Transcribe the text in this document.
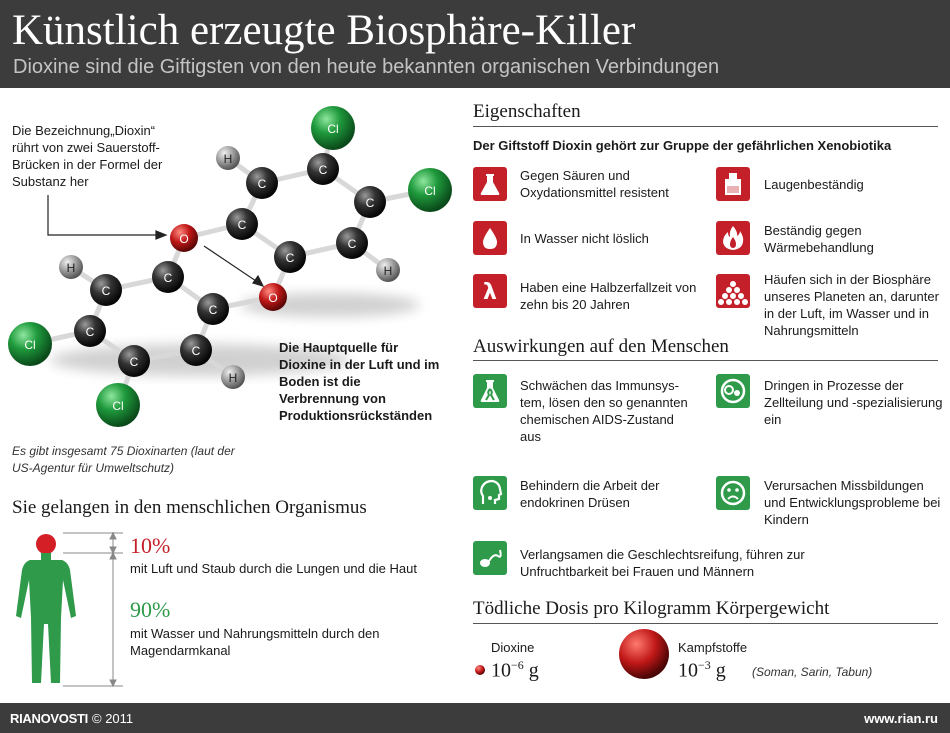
Künstlich erzeugte Biosphäre-Killer
Dioxine sind die Giftigsten von den heute bekannten organischen Verbindungen
H
H
H
H
Cl
Cl
Cl
Cl
C
C
C
C
C
C
C
C
C
C
C
C
O
O
Die Bezeichnung„Dioxin“ rührt von zwei Sauerstoff-Brücken in der Formel der Substanz her
Die Hauptquelle für Dioxine in der Luft und im Boden ist die Verbrennung von Produktionsrückständen
Es gibt insgesamt 75 Dioxinarten (laut der US-Agentur für Umweltschutz)
Sie gelangen in den menschlichen Organismus
10%
mit Luft und Staub durch die Lungen und die Haut
90%
mit Wasser und Nahrungsmitteln durch den Magendarmkanal
Eigenschaften
Der Giftstoff Dioxin gehört zur Gruppe der gefährlichen Xenobiotika
Gegen Säuren und Oxydationsmittel resistent
Laugenbeständig
In Wasser nicht löslich
Beständig gegen Wärmebehandlung
λ Haben eine Halbzerfallzeit von zehn bis 20 Jahren
Häufen sich in der Biosphäre unseres Planeten an, darunter in der Luft, im Wasser und in Nahrungsmitteln
Auswirkungen auf den Menschen
Schwächen das Immunsystem, lösen den so genannten chemischen AIDS-Zustand aus
Dringen in Prozesse der Zellteilung und -spezialisierung ein
Behindern die Arbeit der endokrinen Drüsen
Verursachen Missbildungen und Entwicklungsprobleme bei Kindern
Verlangsamen die Geschlechtsreifung, führen zur Unfruchtbarkeit bei Frauen und Männern
Tödliche Dosis pro Kilogramm Körpergewicht
Dioxine
$10^{-6}$ g
Kampfstoffe
$10^{-3}$ g (Soman, Sarin, Tabun)
RIANOVOSTI © 2011	www.rian.ru
